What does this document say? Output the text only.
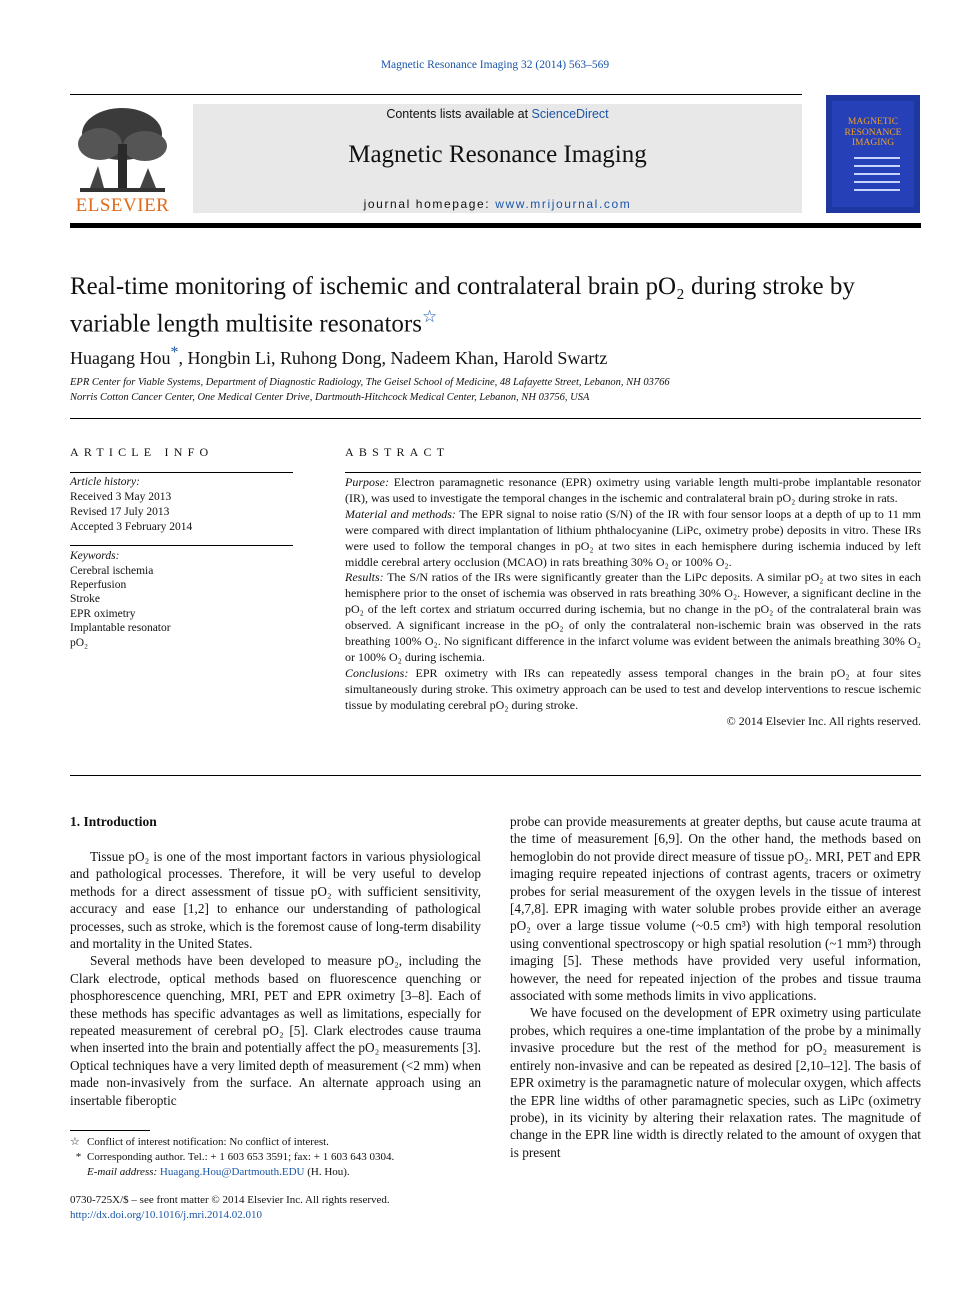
Magnetic Resonance Imaging 32 (2014) 563–569
ELSEVIER
Contents lists available at ScienceDirect
Magnetic Resonance Imaging
journal homepage: www.mrijournal.com
MAGNETIC
RESONANCE
IMAGING
Real-time monitoring of ischemic and contralateral brain pO₂ during stroke by
variable length multisite resonators☆
Huagang Hou*, Hongbin Li, Ruhong Dong, Nadeem Khan, Harold Swartz
EPR Center for Viable Systems, Department of Diagnostic Radiology, The Geisel School of Medicine, 48 Lafayette Street, Lebanon, NH 03766
Norris Cotton Cancer Center, One Medical Center Drive, Dartmouth-Hitchcock Medical Center, Lebanon, NH 03756, USA
ARTICLE INFO
Article history:
Received 3 May 2013
Revised 17 July 2013
Accepted 3 February 2014
Keywords:
Cerebral ischemia
Reperfusion
Stroke
EPR oximetry
Implantable resonator
pO₂
ABSTRACT

Purpose: Electron paramagnetic resonance (EPR) oximetry using variable length multi-probe implantable resonator (IR), was used to investigate the temporal changes in the ischemic and contralateral brain pO₂ during stroke in rats.

Material and methods: The EPR signal to noise ratio (S/N) of the IR with four sensor loops at a depth of up to 11 mm were compared with direct implantation of lithium phthalocyanine (LiPc, oximetry probe) deposits in vitro. These IRs were used to follow the temporal changes in pO₂ at two sites in each hemisphere during ischemia induced by left middle cerebral artery occlusion (MCAO) in rats breathing 30% O₂ or 100% O₂.

Results: The S/N ratios of the IRs were significantly greater than the LiPc deposits. A similar pO₂ at two sites in each hemisphere prior to the onset of ischemia was observed in rats breathing 30% O₂. However, a significant decline in the pO₂ of the left cortex and striatum occurred during ischemia, but no change in the pO₂ of the contralateral brain was observed. A significant increase in the pO₂ of only the contralateral non-ischemic brain was observed in the rats breathing 100% O₂. No significant difference in the infarct volume was evident between the animals breathing 30% O₂ or 100% O₂ during ischemia.

Conclusions: EPR oximetry with IRs can repeatedly assess temporal changes in the brain pO₂ at four sites simultaneously during stroke. This oximetry approach can be used to test and develop interventions to rescue ischemic tissue by modulating cerebral pO₂ during stroke.

© 2014 Elsevier Inc. All rights reserved.

1. Introduction

Tissue pO₂ is one of the most important factors in various physiological and pathological processes. Therefore, it will be very useful to develop methods for a direct assessment of tissue pO₂ with sufficient sensitivity, accuracy and ease [1,2] to enhance our understanding of pathological processes, such as stroke, which is the foremost cause of long-term disability and mortality in the United States.

Several methods have been developed to measure pO₂, including the Clark electrode, optical methods based on fluorescence quenching or phosphorescence quenching, MRI, PET and EPR oximetry [3–8]. Each of these methods has specific advantages as well as limitations, especially for repeated measurement of cerebral pO₂ [5]. Clark electrodes cause trauma when inserted into the brain and potentially affect the pO₂ measurements [3]. Optical techniques have a very limited depth of measurement (<2 mm) when made non-invasively from the surface. An alternate approach using an insertable fiberoptic

probe can provide measurements at greater depths, but cause acute trauma at the time of measurement [6,9]. On the other hand, the methods based on hemoglobin do not provide direct measure of tissue pO₂. MRI, PET and EPR imaging require repeated injections of contrast agents, tracers or oximetry probes for serial measurement of the oxygen levels in the tissue of interest [4,7,8]. EPR imaging with water soluble probes provide either an average pO₂ over a large tissue volume (~0.5 cm³) with high temporal resolution using conventional spectroscopy or high spatial resolution (~1 mm³) through imaging [5]. These methods have provided very useful information, however, the need for repeated injection of the probes and tissue trauma associated with some methods limits in vivo applications.

We have focused on the development of EPR oximetry using particulate probes, which requires a one-time implantation of the probe by a minimally invasive procedure but the rest of the method for pO₂ measurement is entirely non-invasive and can be repeated as desired [2,10–12]. The basis of EPR oximetry is the paramagnetic nature of molecular oxygen, which affects the EPR line widths of other paramagnetic species, such as LiPc (oximetry probe), in its vicinity by altering their relaxation rates. The magnitude of change in the EPR line width is directly related to the amount of oxygen that is present

☆ Conflict of interest notification: No conflict of interest.
* Corresponding author. Tel.: + 1 603 653 3591; fax: + 1 603 643 0304.
E-mail address: Huagang.Hou@Dartmouth.EDU (H. Hou).
0730-725X/$ – see front matter © 2014 Elsevier Inc. All rights reserved.
http://dx.doi.org/10.1016/j.mri.2014.02.010
